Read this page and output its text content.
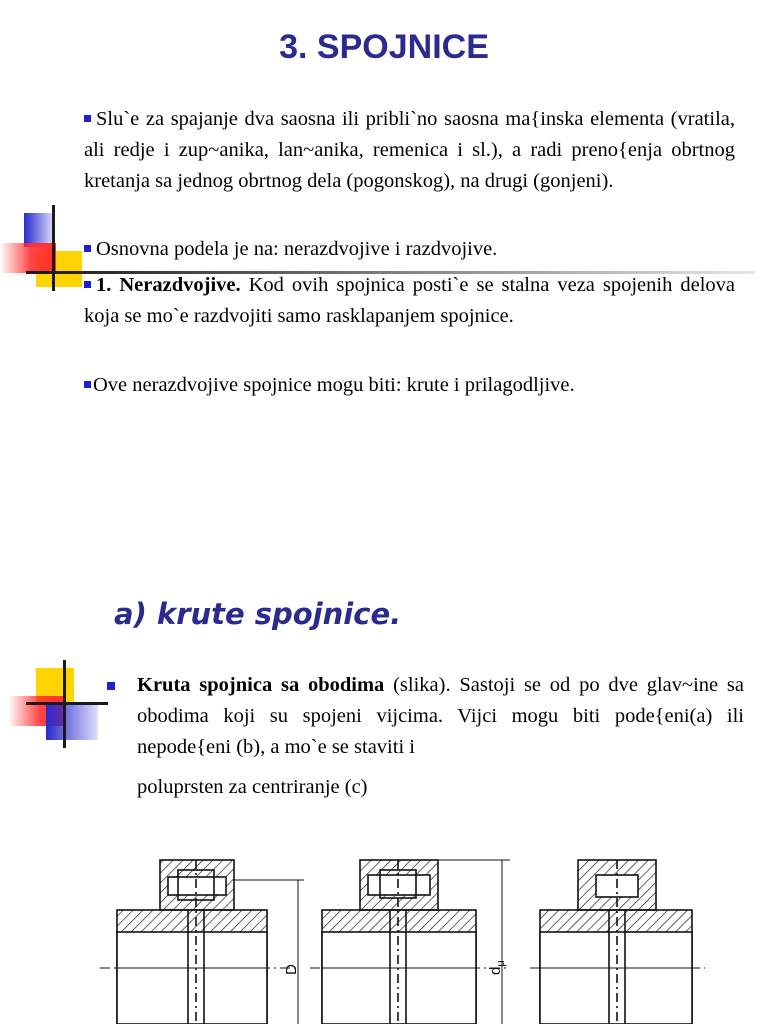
3. SPOJNICE
Slu`e za spajanje dva saosna ili pribli`no saosna ma{inska elementa (vratila, ali redje i zup~anika, lan~anika, remenica i sl.), a radi preno{enja obrtnog kretanja sa jednog obrtnog dela (pogonskog), na drugi (gonjeni).
Osnovna podela je na: nerazdvojive i razdvojive.
1. Nerazdvojive. Kod ovih spojnica posti`e se stalna veza spojenih delova koja se mo`e razdvojiti samo rasklapanjem spojnice.
Ove nerazdvojive spojnice mogu biti: krute i prilagodljive.
a) krute spojnice.
Kruta spojnica sa obodima (slika). Sastoji se od po dve glav~ine sa obodima koji su spojeni vijcima. Vijci mogu biti pode{eni(a) ili nepode{eni (b), a mo`e se staviti i
poluprsten za centriranje (c)
D	$d_\mu$
